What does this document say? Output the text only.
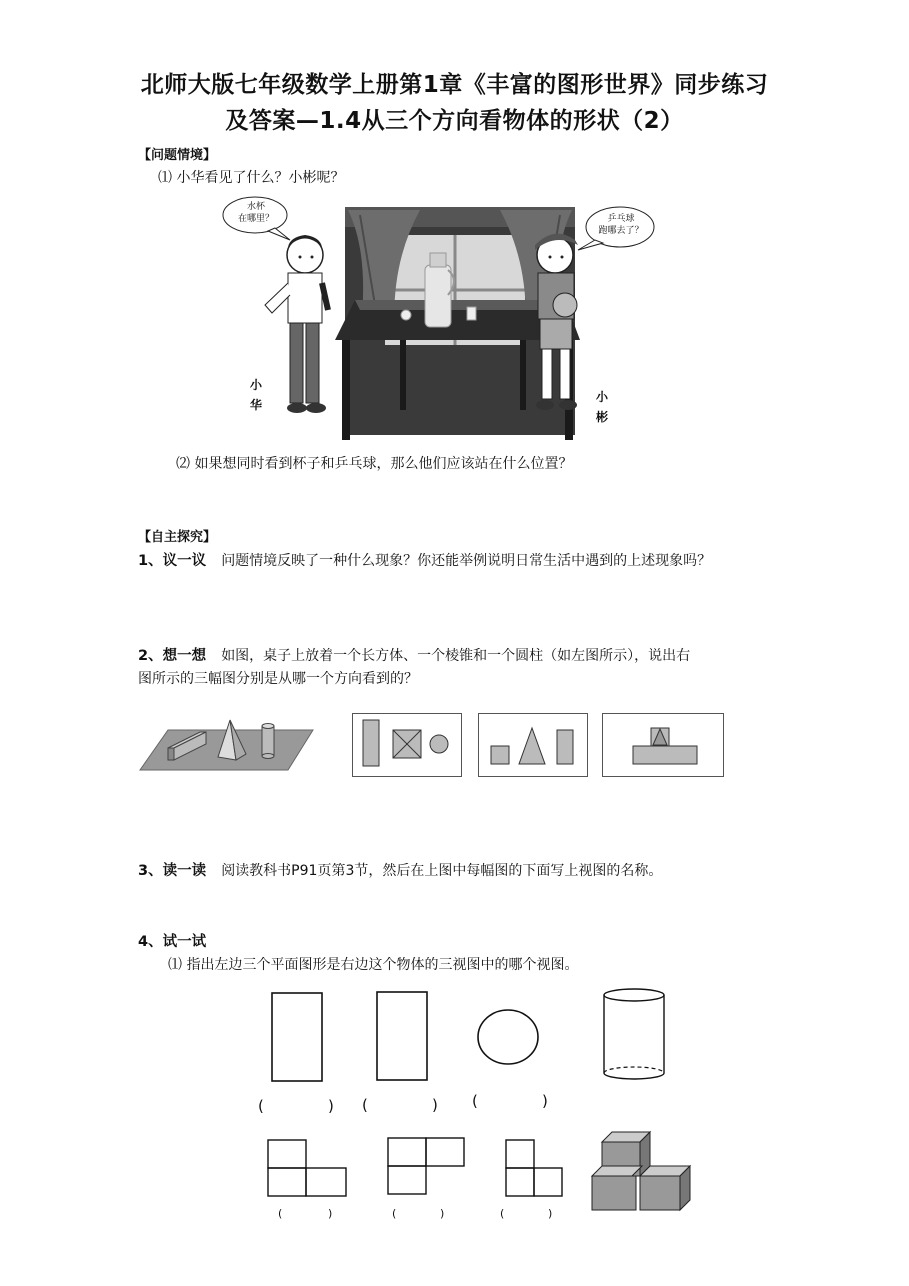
北师大版七年级数学上册第1章《丰富的图形世界》同步练习
及答案—1.4从三个方向看物体的形状（2）
【问题情境】
⑴ 小华看见了什么？小彬呢？
水杯
在哪里？	乒乓球
跑哪去了？
小
华
小
彬
⑵ 如果想同时看到杯子和乒乓球，那么他们应该站在什么位置？
【自主探究】
1、议一议 问题情境反映了一种什么现象？你还能举例说明日常生活中遇到的上述现象吗？
2、想一想 如图，桌子上放着一个长方体、一个棱锥和一个圆柱（如左图所示），说出右
图所示的三幅图分别是从哪一个方向看到的？
3、读一读 阅读教科书P91页第3节，然后在上图中每幅图的下面写上视图的名称。
4、试一试
⑴ 指出左边三个平面图形是右边这个物体的三视图中的哪个视图。
(	) (	) (	)
(	)	(	)	(	)
